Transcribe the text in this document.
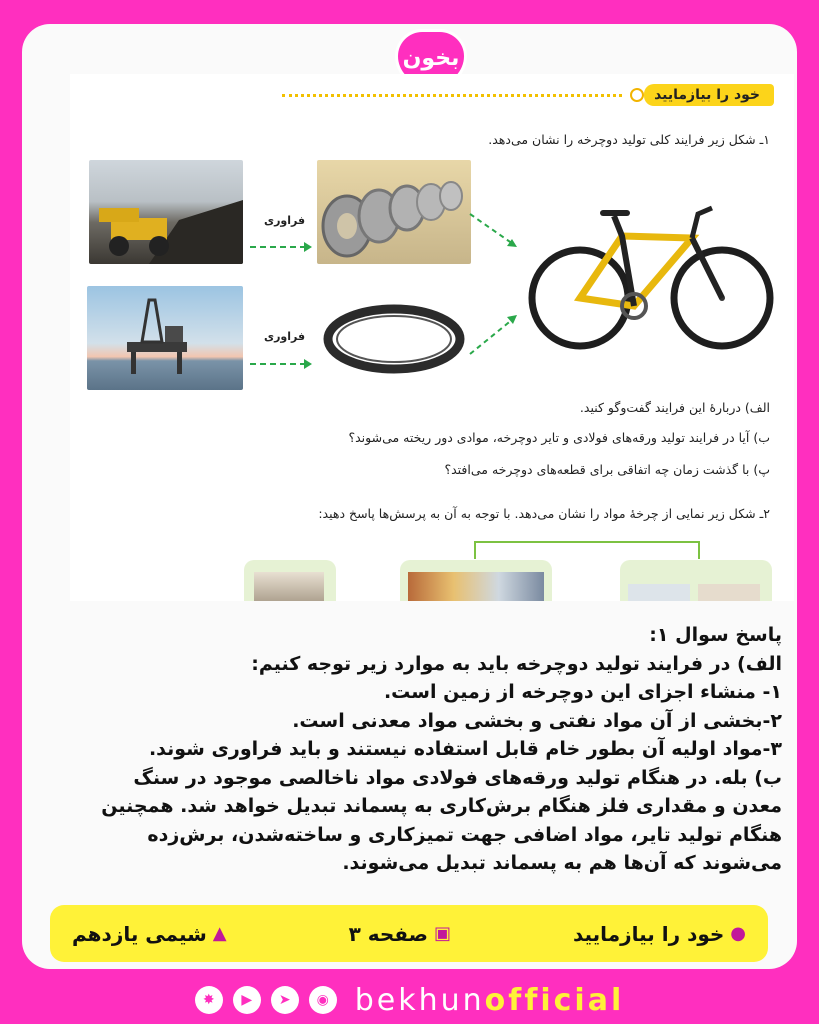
بخون
خود را بیازمایید
۱ـ شکل زیر فرایند کلی تولید دوچرخه را نشان می‌دهد.
فراوری
فراوری
الف) دربارهٔ این فرایند گفت‌وگو کنید.
ب) آیا در فرایند تولید ورقه‌های فولادی و تایر دوچرخه، موادی دور ریخته می‌شوند؟
پ) با گذشت زمان چه اتفاقی برای قطعه‌های دوچرخه می‌افتد؟
۲ـ شکل زیر نمایی از چرخهٔ مواد را نشان می‌دهد. با توجه به آن به پرسش‌ها پاسخ دهید:
پاسخ سوال ۱:
الف) در فرایند تولید دوچرخه باید به موارد زیر توجه کنیم:
۱- منشاء اجزای این دوچرخه از زمین است.
۲-بخشی از آن مواد نفتی و بخشی مواد معدنی است.
۳-مواد اولیه آن بطور خام قابل استفاده نیستند و باید فراوری شوند.
ب) بله. در هنگام تولید ورقه‌های فولادی مواد ناخالصی موجود در سنگ
معدن و مقداری فلز هنگام برش‌کاری به پسماند تبدیل خواهد شد. همچنین
هنگام تولید تایر، مواد اضافی جهت تمیزکاری و ساخته‌شدن، برش‌زده
می‌شوند که آن‌ها هم به پسماند تبدیل می‌شوند.
●
خود را بیازمایید
▣
صفحه ۳
▲
شیمی یازدهم
✸	▶	➤	◉ bekhunofficial
